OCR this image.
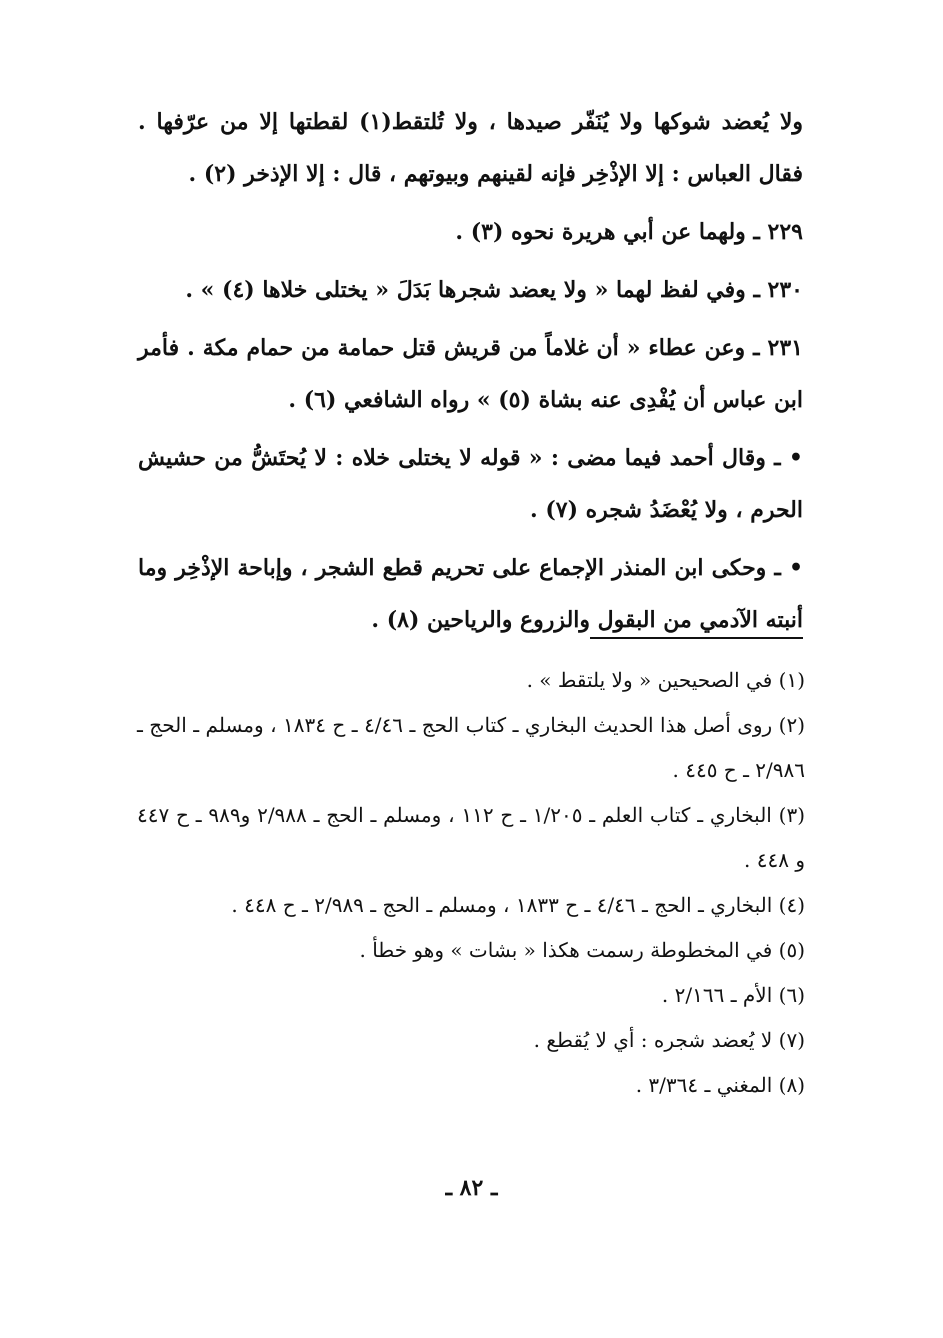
ولا يُعضد شوكها ولا يُنَفّر صيدها ، ولا تُلتقط(١) لقطتها إلا من عرّفها . فقال العباس : إلا الإذْخِر فإنه لقينهم وبيوتهم ، قال : إلا الإذخر (٢) .

٢٢٩ ـ ولهما عن أبي هريرة نحوه (٣) .

٢٣٠ ـ وفي لفظ لهما « ولا يعضد شجرها بَدَلَ « يختلى خلاها (٤) » .

٢٣١ ـ وعن عطاء « أن غلاماً من قريش قتل حمامة من حمام مكة . فأمر ابن عباس أن يُفْدِى عنه بشاة (٥) » رواه الشافعي (٦) .

• ـ وقال أحمد فيما مضى : « قوله لا يختلى خلاه : لا يُحتَشُّ من حشيش الحرم ، ولا يُعْضَدُ شجره (٧) .

• ـ وحكى ابن المنذر الإجماع على تحريم قطع الشجر ، وإباحة الإذْخِر وما أنبته الآدمي من البقول والزروع والرياحين (٨) .

(١) في الصحيحين « ولا يلتقط » .

(٢) روى أصل هذا الحديث البخاري ـ كتاب الحج ـ ٤/٤٦ ـ ح ١٨٣٤ ، ومسلم ـ الحج ـ ٢/٩٨٦ ـ ح ٤٤٥ .

(٣) البخاري ـ كتاب العلم ـ ١/٢٠٥ ـ ح ١١٢ ، ومسلم ـ الحج ـ ٢/٩٨٨ و٩٨٩ ـ ح ٤٤٧ و ٤٤٨ .

(٤) البخاري ـ الحج ـ ٤/٤٦ ـ ح ١٨٣٣ ، ومسلم ـ الحج ـ ٢/٩٨٩ ـ ح ٤٤٨ .

(٥) في المخطوطة رسمت هكذا « بشات » وهو خطأ .

(٦) الأم ـ ٢/١٦٦ .

(٧) لا يُعضد شجره : أي لا يُقطع .

(٨) المغني ـ ٣/٣٦٤ .

ـ ٨٢ ـ
